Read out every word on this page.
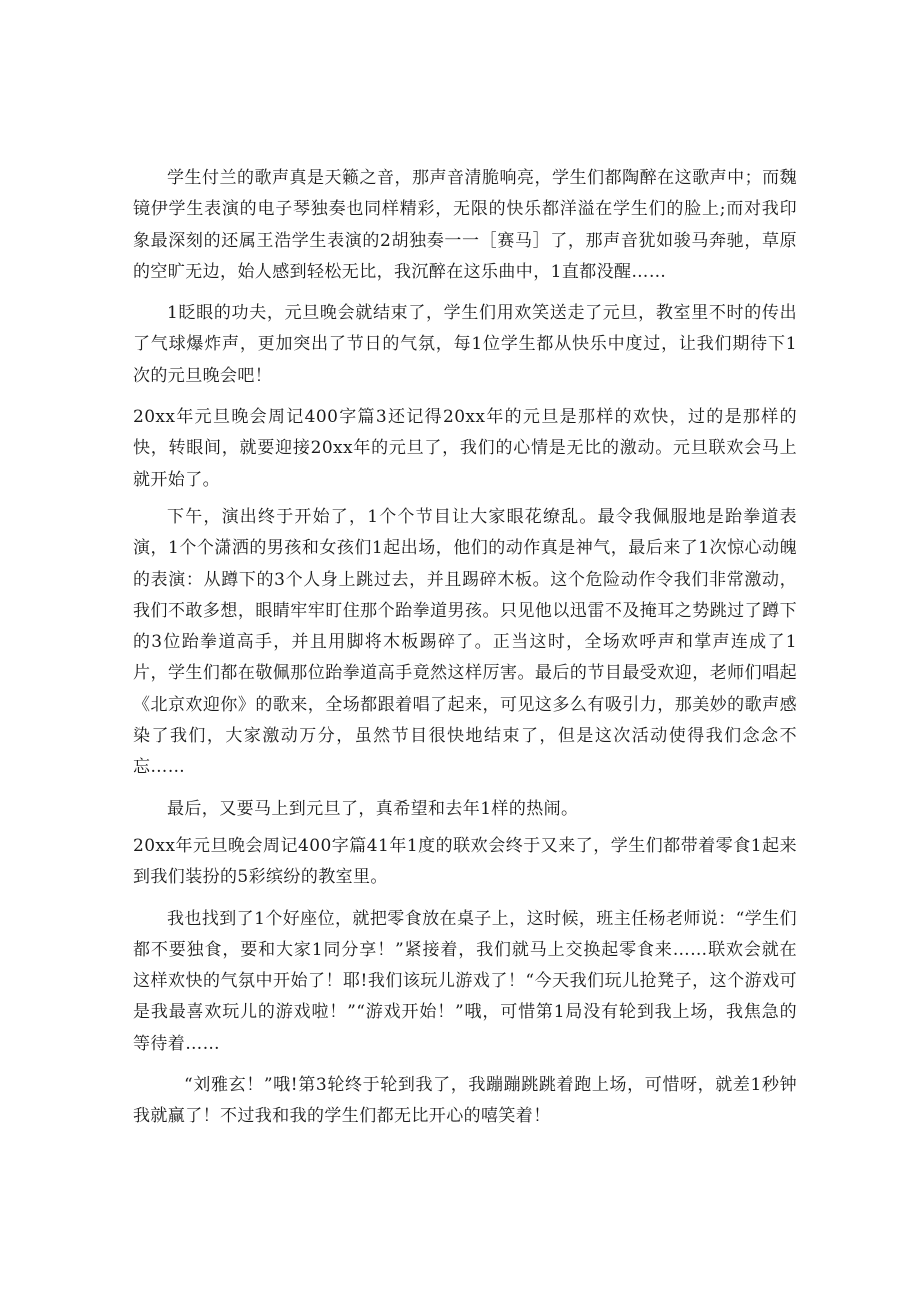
学生付兰的歌声真是天籁之音，那声音清脆响亮，学生们都陶醉在这歌声中；而魏镜伊学生表演的电子琴独奏也同样精彩，无限的快乐都洋溢在学生们的脸上;而对我印象最深刻的还属王浩学生表演的2胡独奏一一［赛马］了，那声音犹如骏马奔驰，草原的空旷无边，始人感到轻松无比，我沉醉在这乐曲中，1直都没醒……

1眨眼的功夫，元旦晚会就结束了，学生们用欢笑送走了元旦，教室里不时的传出了气球爆炸声，更加突出了节日的气氛，每1位学生都从快乐中度过，让我们期待下1次的元旦晚会吧！

20xx年元旦晚会周记400字篇3还记得20xx年的元旦是那样的欢快，过的是那样的快，转眼间，就要迎接20xx年的元旦了，我们的心情是无比的激动。元旦联欢会马上就开始了。

下午，演出终于开始了，1个个节目让大家眼花缭乱。最令我佩服地是跆拳道表演，1个个潇洒的男孩和女孩们1起出场，他们的动作真是神气，最后来了1次惊心动魄的表演：从蹲下的3个人身上跳过去，并且踢碎木板。这个危险动作令我们非常激动，我们不敢多想，眼睛牢牢盯住那个跆拳道男孩。只见他以迅雷不及掩耳之势跳过了蹲下的3位跆拳道高手，并且用脚将木板踢碎了。正当这时，全场欢呼声和掌声连成了1片，学生们都在敬佩那位跆拳道高手竟然这样厉害。最后的节目最受欢迎，老师们唱起《北京欢迎你》的歌来，全场都跟着唱了起来，可见这多么有吸引力，那美妙的歌声感染了我们，大家激动万分，虽然节目很快地结束了，但是这次活动使得我们念念不忘……

最后，又要马上到元旦了，真希望和去年1样的热闹。

20xx年元旦晚会周记400字篇41年1度的联欢会终于又来了，学生们都带着零食1起来到我们装扮的5彩缤纷的教室里。

我也找到了1个好座位，就把零食放在桌子上，这时候，班主任杨老师说：“学生们都不要独食，要和大家1同分享！”紧接着，我们就马上交换起零食来……联欢会就在这样欢快的气氛中开始了！耶!我们该玩儿游戏了！“今天我们玩儿抢凳子，这个游戏可是我最喜欢玩儿的游戏啦！”“游戏开始！”哦，可惜第1局没有轮到我上场，我焦急的等待着……

“刘雅玄！”哦!第3轮终于轮到我了，我蹦蹦跳跳着跑上场，可惜呀，就差1秒钟我就赢了！不过我和我的学生们都无比开心的嘻笑着！
